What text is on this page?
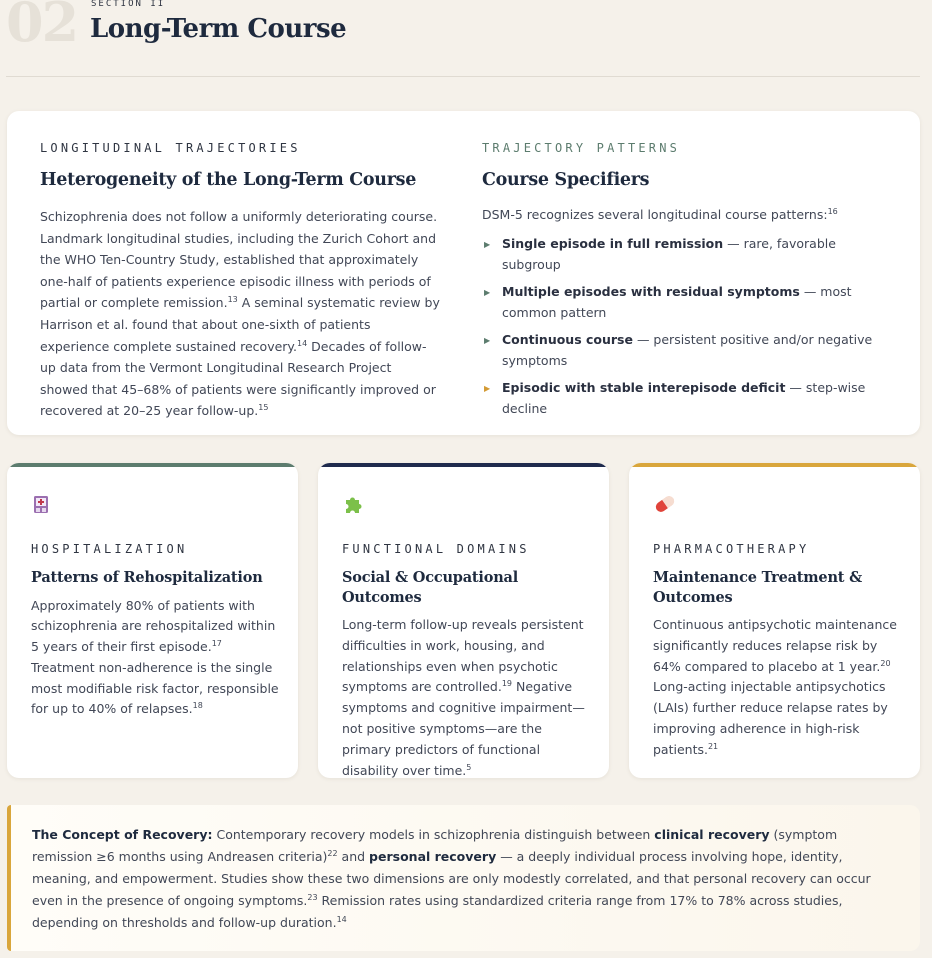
02 SECTION II
Long-Term Course
LONGITUDINAL TRAJECTORIES
Heterogeneity of the Long-Term Course

Schizophrenia does not follow a uniformly deteriorating course. Landmark longitudinal studies, including the Zurich Cohort and the WHO Ten-Country Study, established that approximately one-half of patients experience episodic illness with periods of partial or complete remission.$^{13}$ A seminal systematic review by Harrison et al. found that about one-sixth of patients experience complete sustained recovery.$^{14}$ Decades of follow-up data from the Vermont Longitudinal Research Project showed that 45–68% of patients were significantly improved or recovered at 20–25 year follow-up.$^{15}$

TRAJECTORY PATTERNS
Course Specifiers

DSM-5 recognizes several longitudinal course patterns:$^{16}$

▶ Single episode in full remission — rare, favorable subgroup
▶ Multiple episodes with residual symptoms — most common pattern
▶ Continuous course — persistent positive and/or negative symptoms
▶ Episodic with stable interepisode deficit — step-wise decline
HOSPITALIZATION
Patterns of Rehospitalization

Approximately 80% of patients with schizophrenia are rehospitalized within 5 years of their first episode.$^{17}$ Treatment non-adherence is the single most modifiable risk factor, responsible for up to 40% of relapses.$^{18}$

FUNCTIONAL DOMAINS
Social & Occupational Outcomes

Long-term follow-up reveals persistent difficulties in work, housing, and relationships even when psychotic symptoms are controlled.$^{19}$ Negative symptoms and cognitive impairment—not positive symptoms—are the primary predictors of functional disability over time.$^5$

PHARMACOTHERAPY
Maintenance Treatment & Outcomes

Continuous antipsychotic maintenance significantly reduces relapse risk by 64% compared to placebo at 1 year.$^{20}$ Long-acting injectable antipsychotics (LAIs) further reduce relapse rates by improving adherence in high-risk patients.$^{21}$

The Concept of Recovery: Contemporary recovery models in schizophrenia distinguish between clinical recovery (symptom remission ≥6 months using Andreasen criteria)$^{22}$ and personal recovery — a deeply individual process involving hope, identity, meaning, and empowerment. Studies show these two dimensions are only modestly correlated, and that personal recovery can occur even in the presence of ongoing symptoms.$^{23}$ Remission rates using standardized criteria range from 17% to 78% across studies, depending on thresholds and follow-up duration.$^{14}$
